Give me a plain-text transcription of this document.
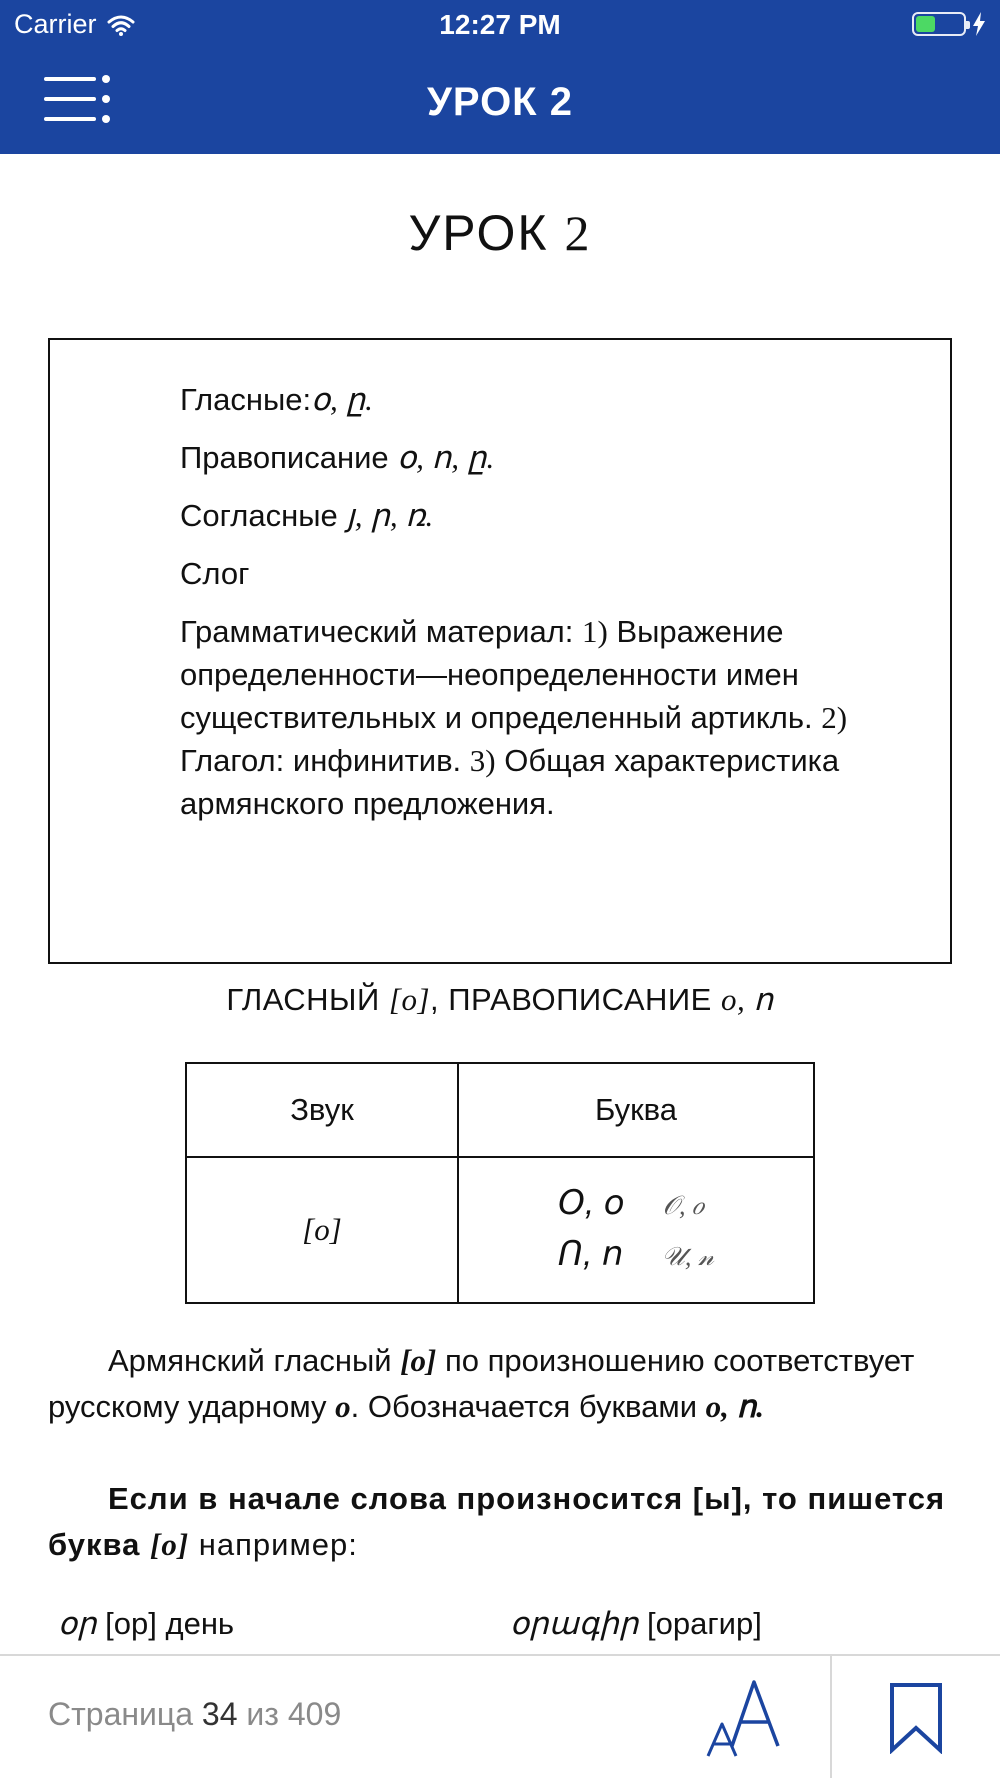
Carrier	12:27 PM
УРОК 2
УРОК 2

Гласные:օ, ը.

Правописание օ, ո, ը.

Согласные յ, ր, ռ.

Слог

Грамматический материал: 1) Выражение определенности—неопределенности имен существительных и определенный артикль. 2) Глагол: инфинитив. 3) Общая характеристика армянского предложения.

ГЛАСНЫЙ [o], ПРАВОПИСАНИЕ o, ո
Звук	Буква
[o]	Օ, օ 𝒪, 𝑜
Ո, ո 𝒰, 𝓃
Армянский гласный [o] по произношению соответствует русскому ударному o. Обозначается буквами o, ո.
Если в начале слова произносится [ы], то пишется буква [o] например:
օր [ор] день	օրագիր [орагир]
Страница 34 из 409
